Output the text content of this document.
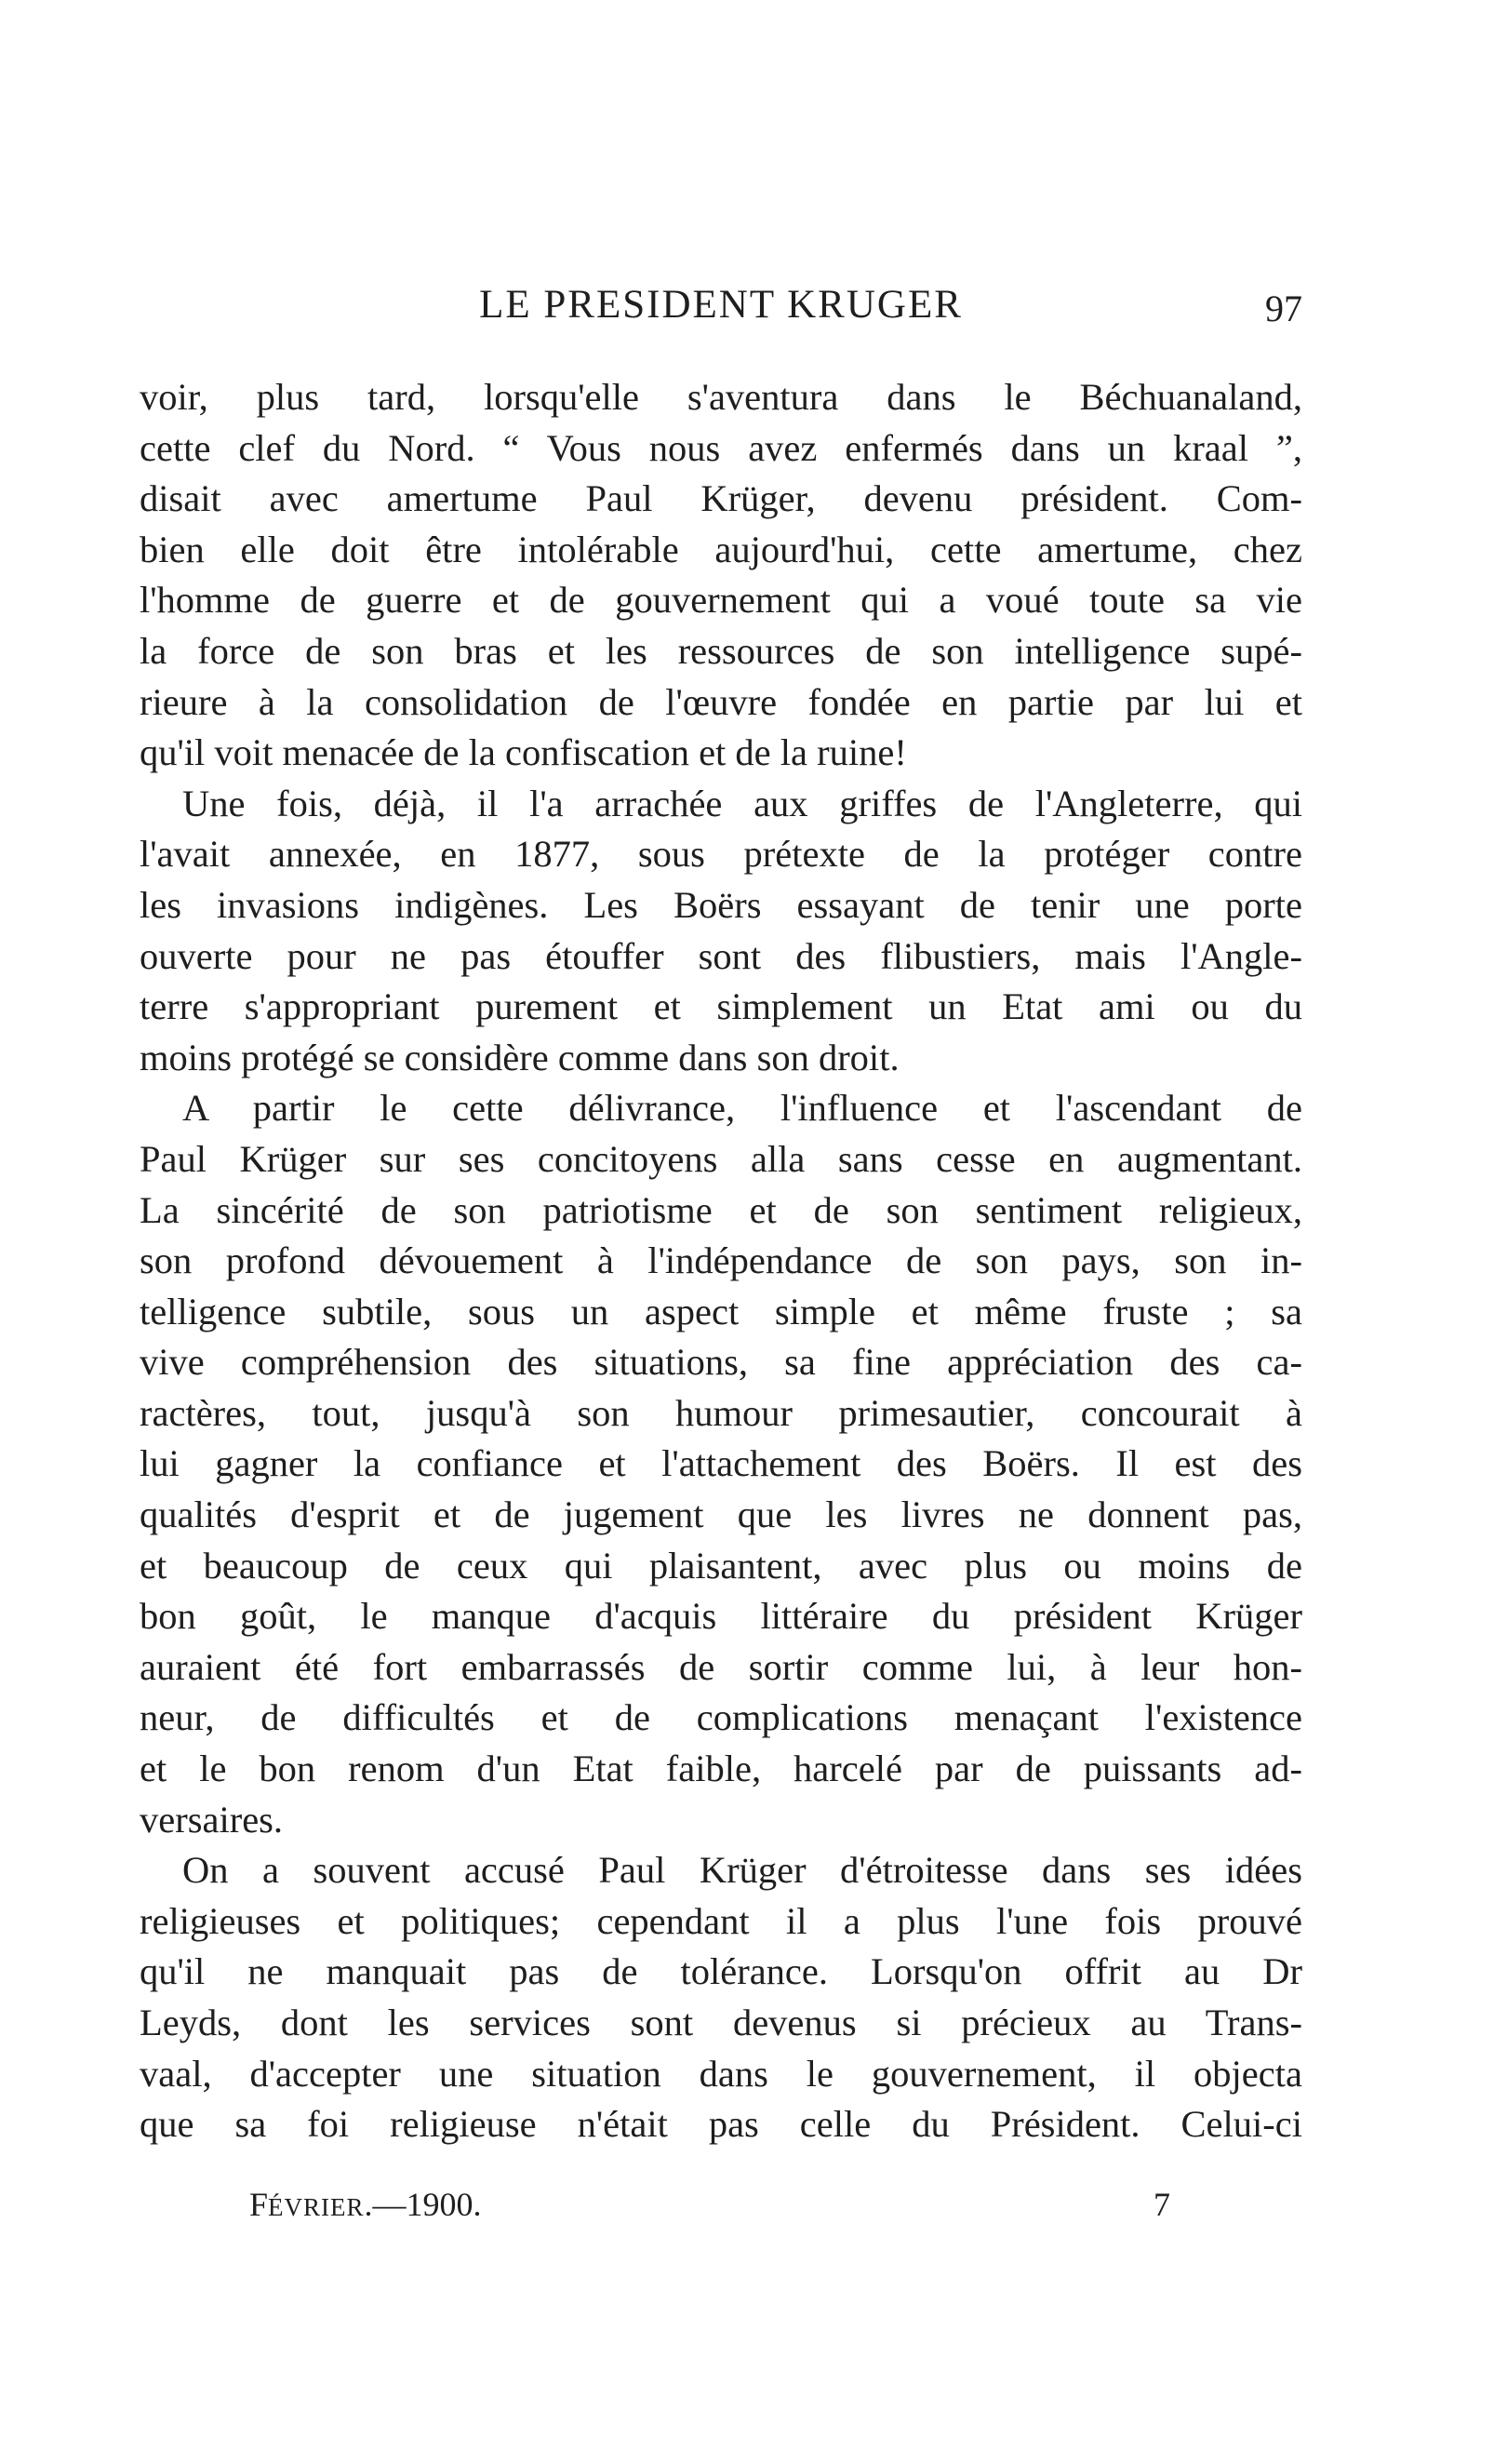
LE PRESIDENT KRUGER	97
voir, plus tard, lorsqu'elle s'aventura dans le Béchuanaland,
cette clef du Nord. “ Vous nous avez enfermés dans un kraal ”,
disait avec amertume Paul Krüger, devenu président. Com-
bien elle doit être intolérable aujourd'hui, cette amertume, chez
l'homme de guerre et de gouvernement qui a voué toute sa vie
la force de son bras et les ressources de son intelligence supé-
rieure à la consolidation de l'œuvre fondée en partie par lui et
qu'il voit menacée de la confiscation et de la ruine!
Une fois, déjà, il l'a arrachée aux griffes de l'Angleterre, qui
l'avait annexée, en 1877, sous prétexte de la protéger contre
les invasions indigènes. Les Boërs essayant de tenir une porte
ouverte pour ne pas étouffer sont des flibustiers, mais l'Angle-
terre s'appropriant purement et simplement un Etat ami ou du
moins protégé se considère comme dans son droit.
A partir le cette délivrance, l'influence et l'ascendant de
Paul Krüger sur ses concitoyens alla sans cesse en augmentant.
La sincérité de son patriotisme et de son sentiment religieux,
son profond dévouement à l'indépendance de son pays, son in-
telligence subtile, sous un aspect simple et même fruste ; sa
vive compréhension des situations, sa fine appréciation des ca-
ractères, tout, jusqu'à son humour primesautier, concourait à
lui gagner la confiance et l'attachement des Boërs. Il est des
qualités d'esprit et de jugement que les livres ne donnent pas,
et beaucoup de ceux qui plaisantent, avec plus ou moins de
bon goût, le manque d'acquis littéraire du président Krüger
auraient été fort embarrassés de sortir comme lui, à leur hon-
neur, de difficultés et de complications menaçant l'existence
et le bon renom d'un Etat faible, harcelé par de puissants ad-
versaires.
On a souvent accusé Paul Krüger d'étroitesse dans ses idées
religieuses et politiques; cependant il a plus l'une fois prouvé
qu'il ne manquait pas de tolérance. Lorsqu'on offrit au Dr
Leyds, dont les services sont devenus si précieux au Trans-
vaal, d'accepter une situation dans le gouvernement, il objecta
que sa foi religieuse n'était pas celle du Président. Celui-ci
FÉVRIER.—1900.	7
